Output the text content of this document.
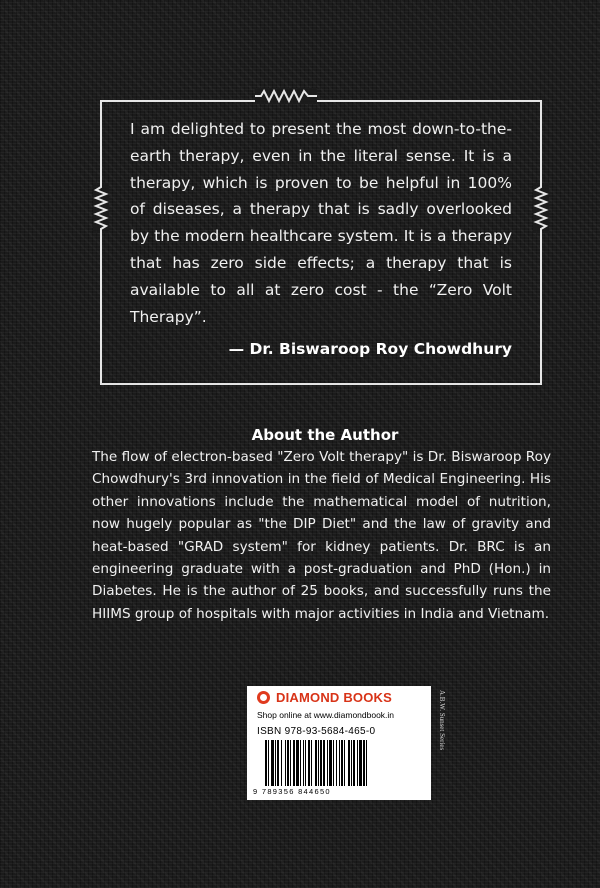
I am delighted to present the most down-to-the-earth therapy, even in the literal sense. It is a therapy, which is proven to be helpful in 100% of diseases, a therapy that is sadly overlooked by the modern healthcare system. It is a therapy that has zero side effects; a therapy that is available to all at zero cost - the “Zero Volt Therapy”.

— Dr. Biswaroop Roy Chowdhury
About the Author

The flow of electron-based "Zero Volt therapy" is Dr. Biswaroop Roy Chowdhury's 3rd innovation in the field of Medical Engineering. His other innovations include the mathematical model of nutrition, now hugely popular as "the DIP Diet" and the law of gravity and heat-based "GRAD system" for kidney patients. Dr. BRC is an engineering graduate with a post-graduation and PhD (Hon.) in Diabetes. He is the author of 25 books, and successfully runs the HIIMS group of hospitals with major activities in India and Vietnam.

DIAMOND BOOKS
Shop online at www.diamondbook.in
ISBN 978-93-5684-465-0
9 789356 844650
A.B.W. Sunset Series
